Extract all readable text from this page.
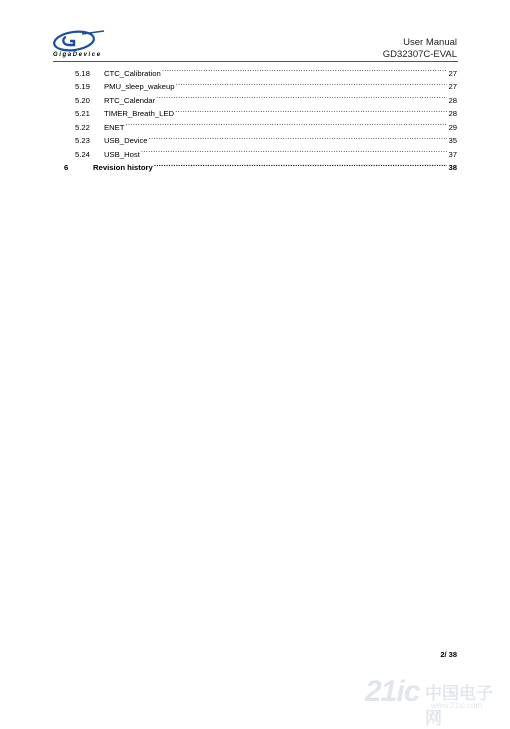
GigaDevice
User Manual
GD32307C-EVAL
5.18	CTC_Calibration .....	27
5.19	PMU_sleep_wakeup .....	27
5.20	RTC_Calendar .....	28
5.21	TIMER_Breath_LED .....	28
5.22	ENET .....	29
5.23	USB_Device .....	35
5.24	USB_Host .....	37
6	Revision history .....	38
2/ 38
21ic 中国电子网
www.21ic.com
